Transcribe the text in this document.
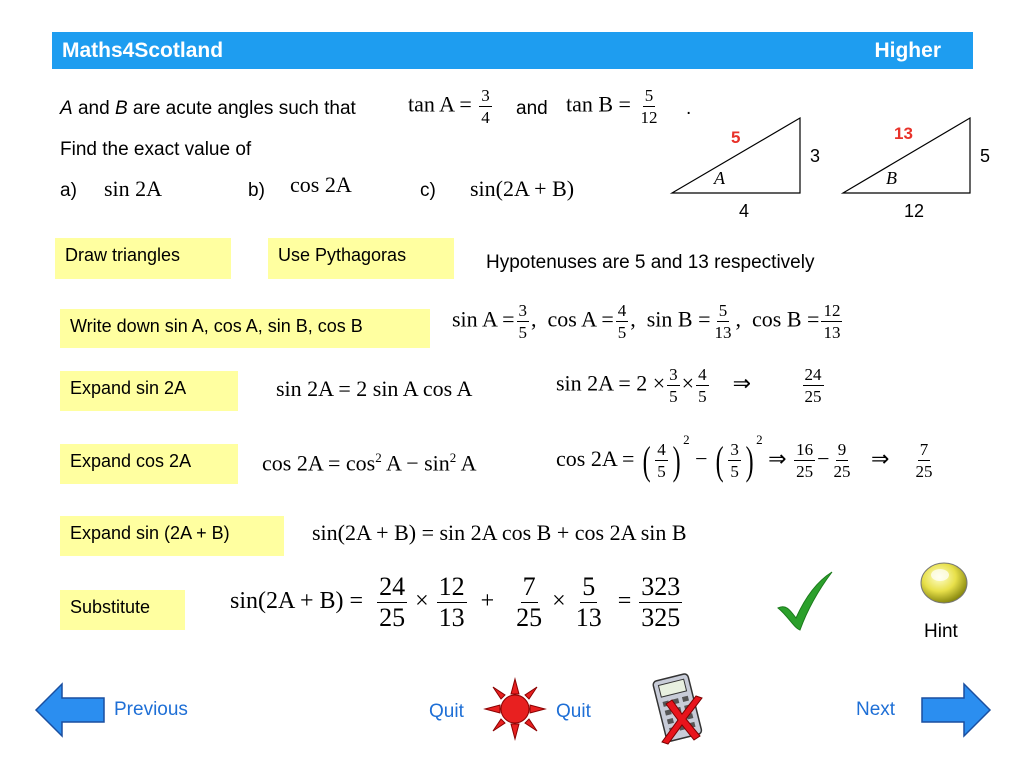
Maths4Scotland	Higher
A and B are acute angles such that $\tan A = \frac{3}{4}$ and $\tan B = \frac{5}{12}$ .
Find the exact value of
a) sin 2A	b) cos 2A	c) sin(2A + B)
5
3
4
A
13
5
12
B
Draw triangles	Use Pythagoras	Hypotenuses are 5 and 13 respectively
Write down sin A, cos A, sin B, cos B	$\sin A = \frac{3}{5}$ , $\cos A = \frac{4}{5}$ , $\sin B = \frac{5}{13}$ , $\cos B = \frac{12}{13}$
Expand sin 2A	sin 2A = 2 sin A cos A	$\sin 2A = 2 \times \frac{3}{5} \times \frac{4}{5}$ ⇒	$\frac{24}{25}$
Expand cos 2A	$\cos 2A = \cos^2 A - \sin^2 A$	cos 2A = ( $\frac{4}{5}$ ) $^2$ − ( $\frac{3}{5}$ ) $^2$ ⇒ $\frac{16}{25} - \frac{9}{25}$ ⇒ $\frac{7}{25}$
Expand sin (2A + B)	sin(2A + B) = sin 2A cos B + cos 2A sin B
Substitute	$\sin(2A + B) = \frac{24}{25} \times \frac{12}{13} + \frac{7}{25} \times \frac{5}{13} = \frac{323}{325}$
Hint
Previous	Quit	Quit	Next
